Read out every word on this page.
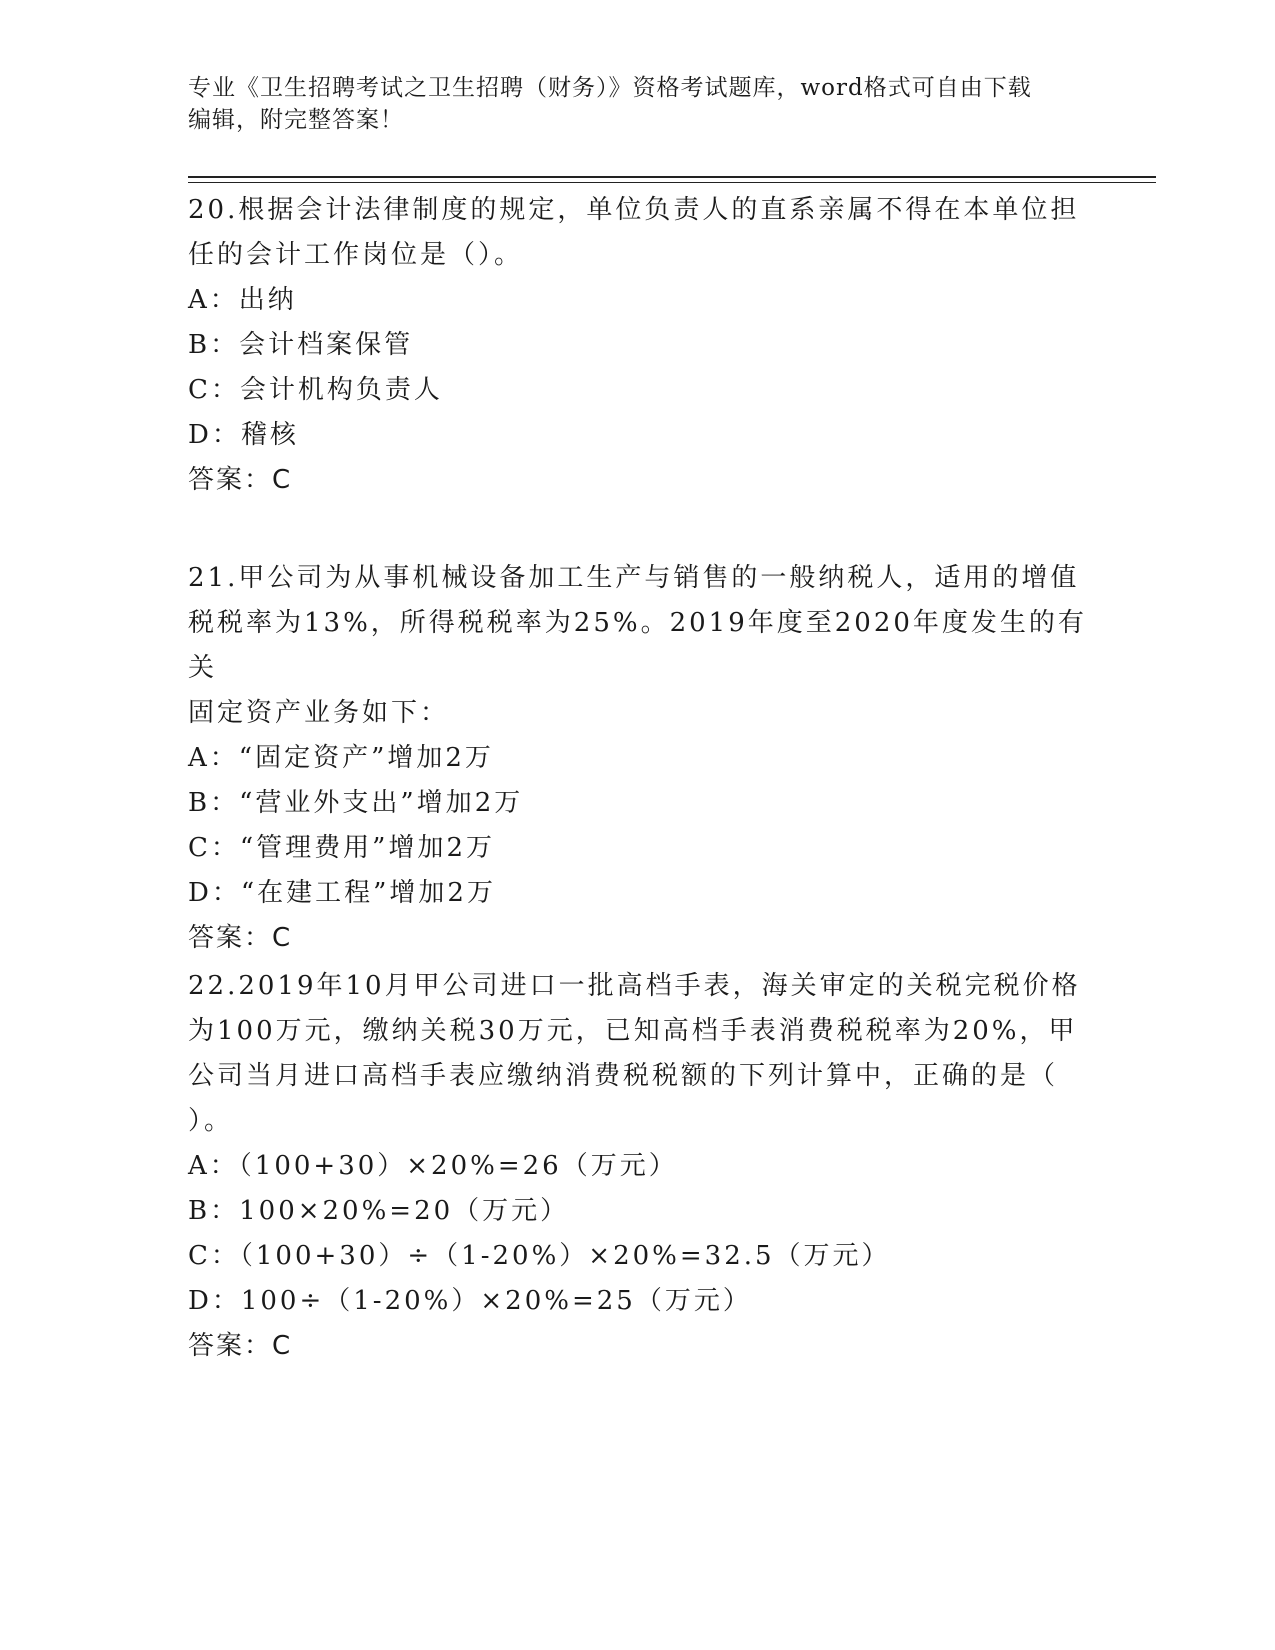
专业《卫生招聘考试之卫生招聘（财务）》资格考试题库，word格式可自由下载
编辑，附完整答案！

20.根据会计法律制度的规定，单位负责人的直系亲属不得在本单位担

任的会计工作岗位是（）。

A：出纳

B：会计档案保管

C：会计机构负责人

D：稽核

答案：C

21.甲公司为从事机械设备加工生产与销售的一般纳税人，适用的增值

税税率为13%，所得税税率为25%。2019年度至2020年度发生的有关

固定资产业务如下：

A：“固定资产”增加2万

B：“营业外支出”增加2万

C：“管理费用”增加2万

D：“在建工程”增加2万

答案：C

22.2019年10月甲公司进口一批高档手表，海关审定的关税完税价格

为100万元，缴纳关税30万元，已知高档手表消费税税率为20%，甲

公司当月进口高档手表应缴纳消费税税额的下列计算中，正确的是（

）。

A：（100+30）×20%=26（万元）

B：100×20%=20（万元）

C：（100+30）÷（1-20%）×20%=32.5（万元）

D：100÷（1-20%）×20%=25（万元）

答案：C
